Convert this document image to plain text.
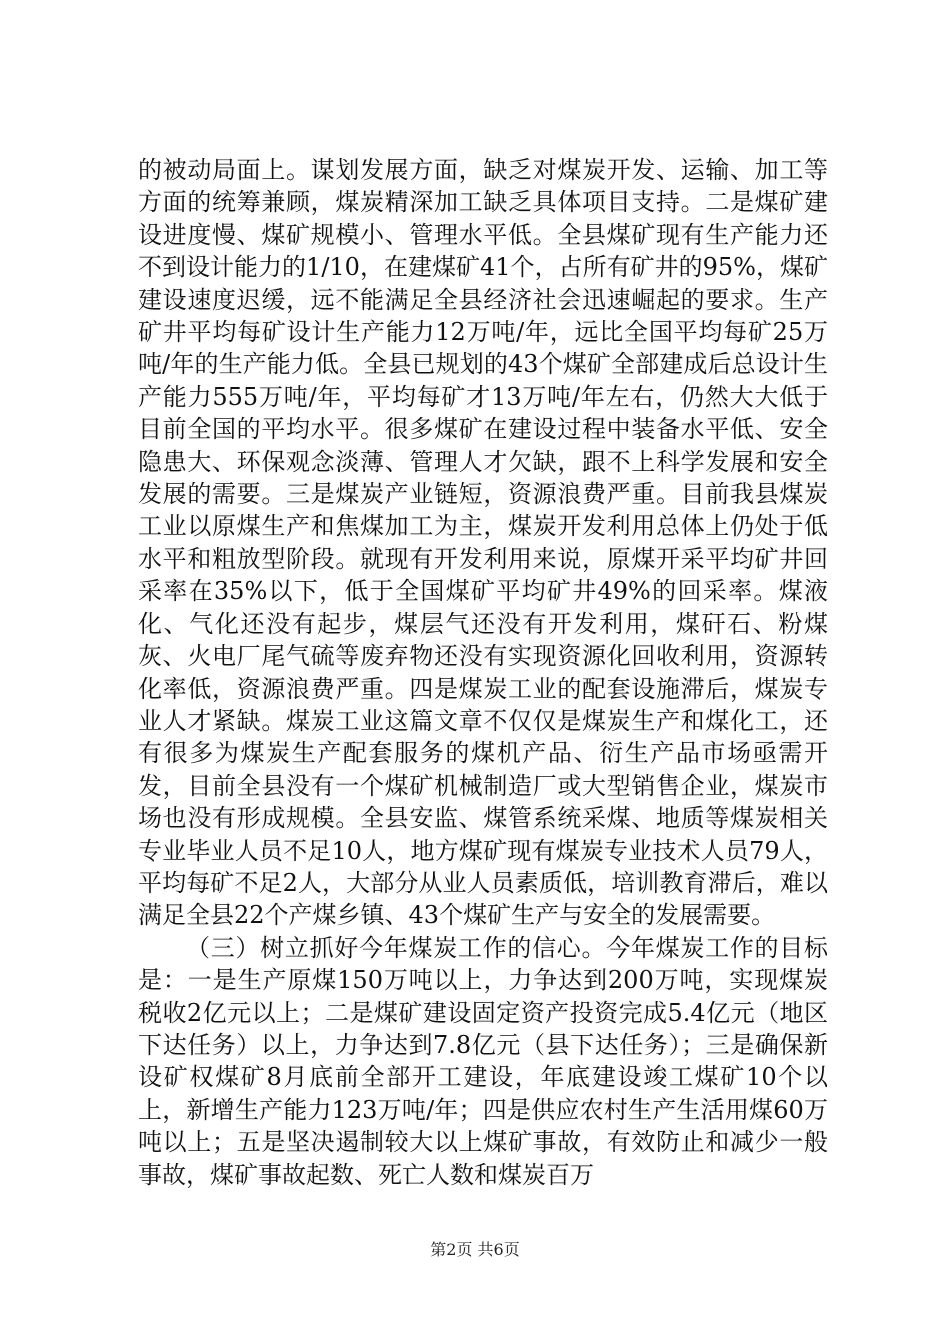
的被动局面上。谋划发展方面，缺乏对煤炭开发、运输、加工等方面的统筹兼顾，煤炭精深加工缺乏具体项目支持。二是煤矿建设进度慢、煤矿规模小、管理水平低。全县煤矿现有生产能力还不到设计能力的1/10，在建煤矿41个，占所有矿井的95%，煤矿建设速度迟缓，远不能满足全县经济社会迅速崛起的要求。生产矿井平均每矿设计生产能力12万吨/年，远比全国平均每矿25万吨/年的生产能力低。全县已规划的43个煤矿全部建成后总设计生产能力555万吨/年，平均每矿才13万吨/年左右，仍然大大低于目前全国的平均水平。很多煤矿在建设过程中装备水平低、安全隐患大、环保观念淡薄、管理人才欠缺，跟不上科学发展和安全发展的需要。三是煤炭产业链短，资源浪费严重。目前我县煤炭工业以原煤生产和焦煤加工为主，煤炭开发利用总体上仍处于低水平和粗放型阶段。就现有开发利用来说，原煤开采平均矿井回采率在35%以下，低于全国煤矿平均矿井49%的回采率。煤液化、气化还没有起步，煤层气还没有开发利用，煤矸石、粉煤灰、火电厂尾气硫等废弃物还没有实现资源化回收利用，资源转化率低，资源浪费严重。四是煤炭工业的配套设施滞后，煤炭专业人才紧缺。煤炭工业这篇文章不仅仅是煤炭生产和煤化工，还有很多为煤炭生产配套服务的煤机产品、衍生产品市场亟需开发，目前全县没有一个煤矿机械制造厂或大型销售企业，煤炭市场也没有形成规模。全县安监、煤管系统采煤、地质等煤炭相关专业毕业人员不足10人，地方煤矿现有煤炭专业技术人员79人，平均每矿不足2人，大部分从业人员素质低，培训教育滞后，难以满足全县22个产煤乡镇、43个煤矿生产与安全的发展需要。

（三）树立抓好今年煤炭工作的信心。今年煤炭工作的目标是：一是生产原煤150万吨以上，力争达到200万吨，实现煤炭税收2亿元以上；二是煤矿建设固定资产投资完成5.4亿元（地区下达任务）以上，力争达到7.8亿元（县下达任务）；三是确保新设矿权煤矿8月底前全部开工建设，年底建设竣工煤矿10个以上，新增生产能力123万吨/年；四是供应农村生产生活用煤60万吨以上；五是坚决遏制较大以上煤矿事故，有效防止和减少一般事故，煤矿事故起数、死亡人数和煤炭百万

第2页 共6页
